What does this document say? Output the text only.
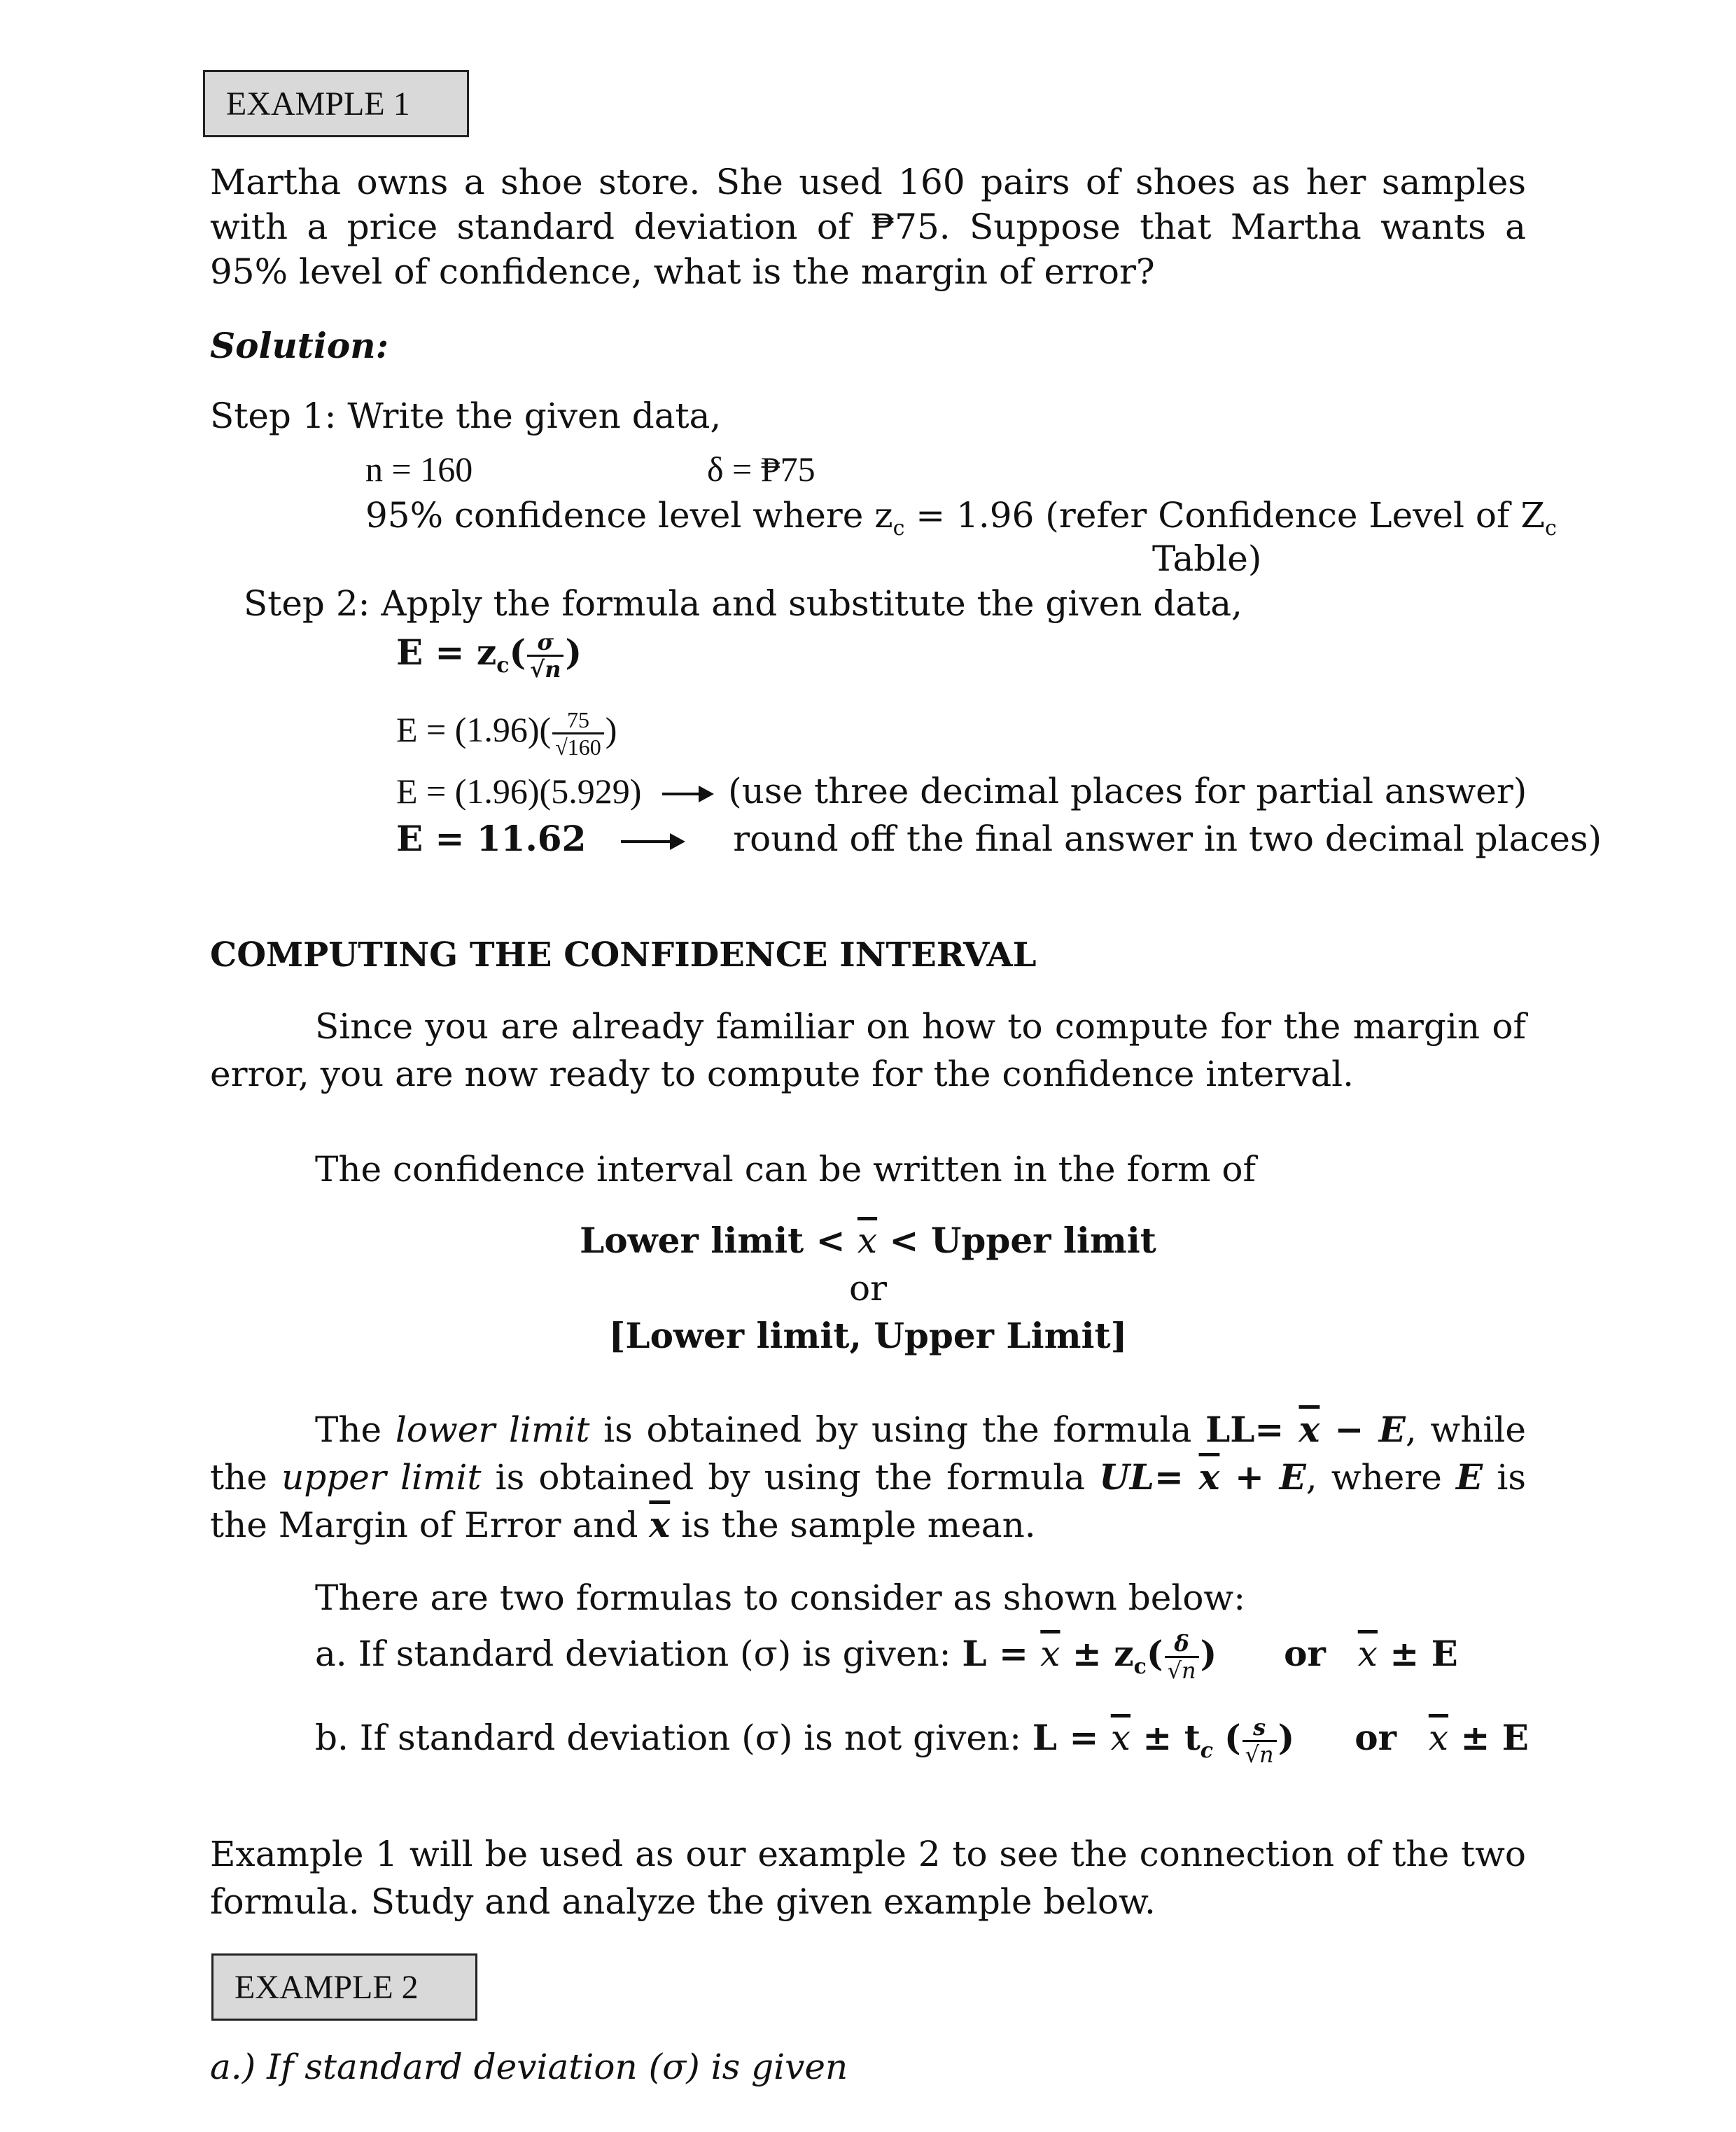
EXAMPLE 1
Martha owns a shoe store. She used 160 pairs of shoes as her samples with a price standard deviation of ₱75. Suppose that Martha wants a 95% level of confidence, what is the margin of error?
Solution:
Step 1: Write the given data,
n = 160	δ = ₱75
95% confidence level where $z_c = 1.96$ (refer Confidence Level of $Z_c$
Table)
Step 2: Apply the formula and substitute the given data,
$E = z_c( \frac{\sigma}{√n}$ )
$E = (1.96)( \frac{75}{√160}$ )
E = (1.96)(5.929) (use three decimal places for partial answer)
E = 11.62	round off the final answer in two decimal places)
COMPUTING THE CONFIDENCE INTERVAL
Since you are already familiar on how to compute for the margin of error, you are now ready to compute for the confidence interval.
The confidence interval can be written in the form of
Lower limit < $\overline{x}$ < Upper limit
or
[Lower limit, Upper Limit]
The lower limit is obtained by using the formula $LL= \overline{x} - E$, while the upper limit is obtained by using the formula $UL= \overline{x} + E$, where E is the Margin of Error and $\overline{x}$ is the sample mean.
There are two formulas to consider as shown below:
a. If standard deviation (σ) is given: $L = \overline{x} \pm z_c( \frac{\delta}{√n}$ ) or $\overline{x} \pm E$
b. If standard deviation (σ) is not given: $L = \overline{x} \pm t_c$ ( $\frac{s}{√n}$ ) or $\overline{x} \pm E$
Example 1 will be used as our example 2 to see the connection of the two formula. Study and analyze the given example below.
EXAMPLE 2
a.) If standard deviation (σ) is given
